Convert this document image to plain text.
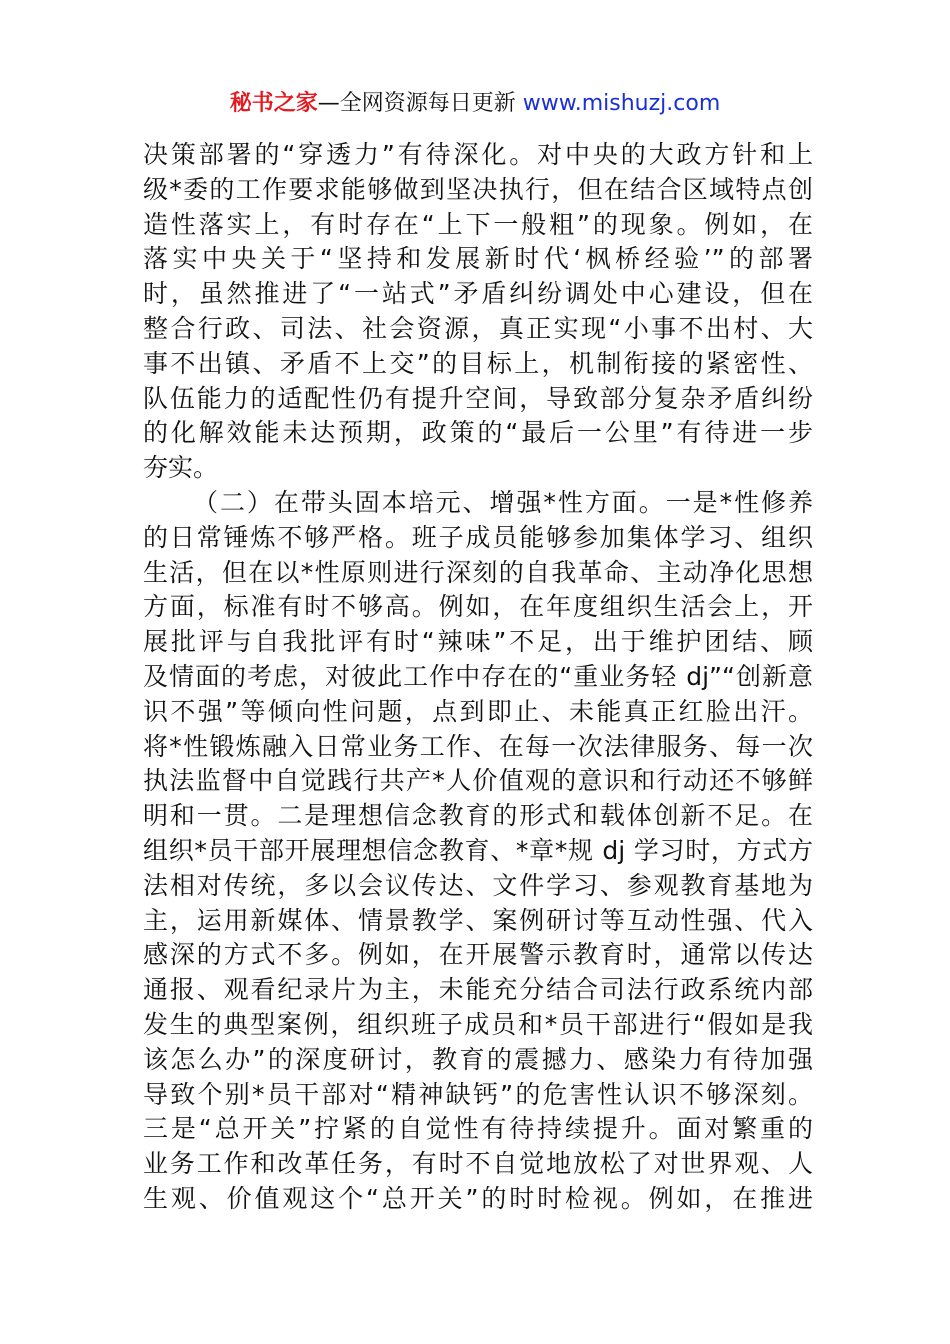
秘书之家—全网资源每日更新 www.mishuzj.com
决策部署的“穿透力”有待深化。对中央的大政方针和上
级*委的工作要求能够做到坚决执行，但在结合区域特点创
造性落实上，有时存在“上下一般粗”的现象。例如，在
落实中央关于“坚持和发展新时代‘枫桥经验’”的部署
时，虽然推进了“一站式”矛盾纠纷调处中心建设，但在
整合行政、司法、社会资源，真正实现“小事不出村、大
事不出镇、矛盾不上交”的目标上，机制衔接的紧密性、
队伍能力的适配性仍有提升空间，导致部分复杂矛盾纠纷
的化解效能未达预期，政策的“最后一公里”有待进一步
夯实。
（二）在带头固本培元、增强*性方面。一是*性修养
的日常锤炼不够严格。班子成员能够参加集体学习、组织
生活，但在以*性原则进行深刻的自我革命、主动净化思想
方面，标准有时不够高。例如，在年度组织生活会上，开
展批评与自我批评有时“辣味”不足，出于维护团结、顾
及情面的考虑，对彼此工作中存在的“重业务轻 dj”“创新意
识不强”等倾向性问题，点到即止、未能真正红脸出汗。
将*性锻炼融入日常业务工作、在每一次法律服务、每一次
执法监督中自觉践行共产*人价值观的意识和行动还不够鲜
明和一贯。二是理想信念教育的形式和载体创新不足。在
组织*员干部开展理想信念教育、*章*规 dj 学习时，方式方
法相对传统，多以会议传达、文件学习、参观教育基地为
主，运用新媒体、情景教学、案例研讨等互动性强、代入
感深的方式不多。例如，在开展警示教育时，通常以传达
通报、观看纪录片为主，未能充分结合司法行政系统内部
发生的典型案例，组织班子成员和*员干部进行“假如是我
该怎么办”的深度研讨，教育的震撼力、感染力有待加强
导致个别*员干部对“精神缺钙”的危害性认识不够深刻。
三是“总开关”拧紧的自觉性有待持续提升。面对繁重的
业务工作和改革任务，有时不自觉地放松了对世界观、人
生观、价值观这个“总开关”的时时检视。例如，在推进
